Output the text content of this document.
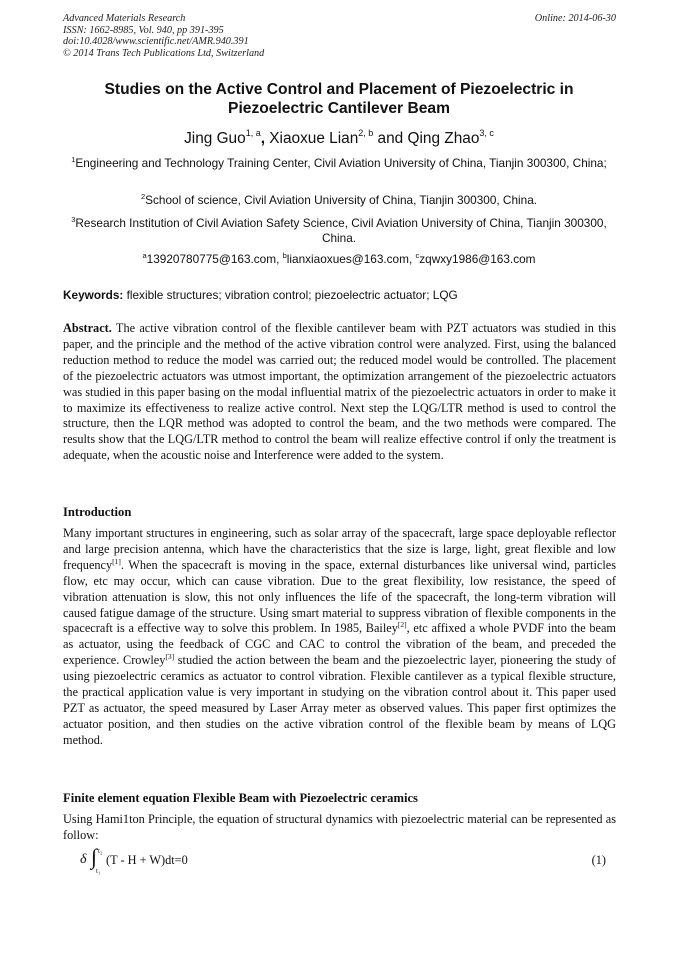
Advanced Materials Research
ISSN: 1662-8985, Vol. 940, pp 391-395
doi:10.4028/www.scientific.net/AMR.940.391
© 2014 Trans Tech Publications Ltd, Switzerland
Online: 2014-06-30
Studies on the Active Control and Placement of Piezoelectric in
Piezoelectric Cantilever Beam
Jing Guo$^{1, a}$, Xiaoxue Lian$^{2, b}$ and Qing Zhao$^{3, c}$
$^1$Engineering and Technology Training Center, Civil Aviation University of China, Tianjin 300300, China;
$^2$School of science, Civil Aviation University of China, Tianjin 300300, China.
$^3$Research Institution of Civil Aviation Safety Science, Civil Aviation University of China, Tianjin 300300, China.
$^a$13920780775@163.com, $^b$lianxiaoxues@163.com, $^c$zqwxy1986@163.com
Keywords: flexible structures; vibration control; piezoelectric actuator; LQG
Abstract. The active vibration control of the flexible cantilever beam with PZT actuators was studied in this paper, and the principle and the method of the active vibration control were analyzed. First, using the balanced reduction method to reduce the model was carried out; the reduced model would be controlled. The placement of the piezoelectric actuators was utmost important, the optimization arrangement of the piezoelectric actuators was studied in this paper basing on the modal influential matrix of the piezoelectric actuators in order to make it to maximize its effectiveness to realize active control. Next step the LQG/LTR method is used to control the structure, then the LQR method was adopted to control the beam, and the two methods were compared. The results show that the LQG/LTR method to control the beam will realize effective control if only the treatment is adequate, when the acoustic noise and Interference were added to the system.
Introduction
Many important structures in engineering, such as solar array of the spacecraft, large space deployable reflector and large precision antenna, which have the characteristics that the size is large, light, great flexible and low frequency[1]. When the spacecraft is moving in the space, external disturbances like universal wind, particles flow, etc may occur, which can cause vibration. Due to the great flexibility, low resistance, the speed of vibration attenuation is slow, this not only influences the life of the spacecraft, the long-term vibration will caused fatigue damage of the structure. Using smart material to suppress vibration of flexible components in the spacecraft is a effective way to solve this problem. In 1985, Bailey[2], etc affixed a whole PVDF into the beam as actuator, using the feedback of CGC and CAC to control the vibration of the beam, and preceded the experience. Crowley[3] studied the action between the beam and the piezoelectric layer, pioneering the study of using piezoelectric ceramics as actuator to control vibration. Flexible cantilever as a typical flexible structure, the practical application value is very important in studying on the vibration control about it. This paper used PZT as actuator, the speed measured by Laser Array meter as observed values. This paper first optimizes the actuator position, and then studies on the active vibration control of the flexible beam by means of LQG method.
Finite element equation Flexible Beam with Piezoelectric ceramics
Using Hami1ton Principle, the equation of structural dynamics with piezoelectric material can be represented as follow:
δ ∫ t₂
t₁
(T - H + W)dt=0	(1)
